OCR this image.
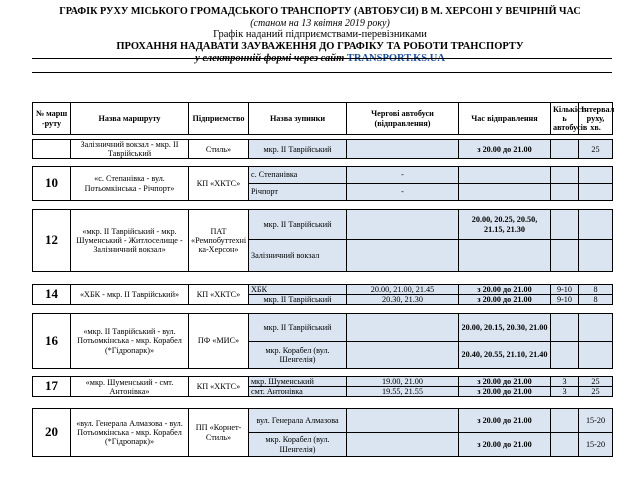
ГРАФІК РУХУ МІСЬКОГО ГРОМАДСЬКОГО ТРАНСПОРТУ (АВТОБУСИ) В М. ХЕРСОНІ У ВЕЧІРНІЙ ЧАС
(станом на 13 квітня 2019 року)
Графік наданий підприємствами-перевізниками
ПРОХАННЯ НАДАВАТИ ЗАУВАЖЕННЯ ДО ГРАФІКУ ТА РОБОТИ ТРАНСПОРТУ
у електронній формі через сайт TRANSPORT.KS.UA
№ марш -руту	Назва маршруту	Підприємство	Назва зупинки	Чергові автобуси (відправлення)	Час відправлення	Кількіст ь автобусів	Інтервал руху, хв.
	Залізничний вокзал - мкр. ІІ Таврійський	Стиль»	мкр. ІІ Таврійський		з 20.00 до 21.00		25
10	«с. Степанівка - вул. Потьомкінська - Річпорт»	КП «ХКТС»	с. Степанівка	-			
			Річпорт	-			
12	«мкр. ІІ Таврійський - мкр. Шуменський - Житлоселище - Залізничний вокзал»	ПАТ «Ремпобуттехні ка-Херсон»	мкр. ІІ Таврійський		20.00, 20.25, 20.50, 21.15, 21.30		
			Залізничний вокзал				
14	«ХБК - мкр. ІІ Таврійський»	КП «ХКТС»	ХБК	20.00, 21.00, 21.45	з 20.00 до 21.00	9-10	8
			мкр. ІІ Таврійський	20.30, 21.30	з 20.00 до 21.00	9-10	8
16	«мкр. ІІ Таврійський - вул. Потьомкінська - мкр. Корабел (*Гідропарк)»	ПФ «МИС»	мкр. ІІ Таврійський		20.00, 20.15, 20.30, 21.00		
			мкр. Корабел (вул. Шенгелія)		20.40, 20.55, 21.10, 21.40		
17	«мкр. Шуменський - смт. Антонівка»	КП «ХКТС»	мкр. Шуменський	19.00, 21.00	з 20.00 до 21.00	3	25
			смт. Антонівка	19.55, 21.55	з 20.00 до 21.00	3	25
20	«вул. Генерала Алмазова - вул. Потьомкінська - мкр. Корабел (*Гідропарк)»	ПП «Корнет-Стиль»	вул. Генерала Алмазова		з 20.00 до 21.00		15-20
			мкр. Корабел (вул. Шенгелія)		з 20.00 до 21.00		15-20
